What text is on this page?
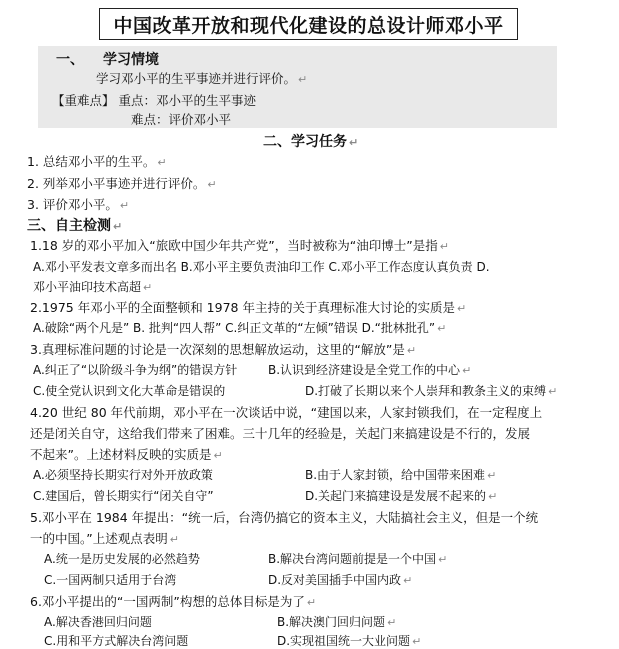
中国改革开放和现代化建设的总设计师邓小平
一、 学习情境
学习邓小平的生平事迹并进行评价。 ↵
【重难点】 重点：邓小平的生平事迹
难点：评价邓小平
二、学习任务 ↵
1. 总结邓小平的生平。 ↵
2. 列举邓小平事迹并进行评价。 ↵
3. 评价邓小平。 ↵
三、自主检测 ↵
1.18 岁的邓小平加入“旅欧中国少年共产党”，当时被称为“油印博士”是指 ↵
A.邓小平发表文章多而出名 B.邓小平主要负责油印工作 C.邓小平工作态度认真负责 D.
邓小平油印技术高超 ↵
2.1975 年邓小平的全面整顿和 1978 年主持的关于真理标准大讨论的实质是 ↵
A.破除“两个凡是” B. 批判“四人帮” C.纠正文革的“左倾”错误 D.“批林批孔” ↵
3.真理标准问题的讨论是一次深刻的思想解放运动，这里的“解放”是 ↵
A.纠正了“以阶级斗争为纲”的错误方针	B.认识到经济建设是全党工作的中心 ↵
C.使全党认识到文化大革命是错误的	D.打破了长期以来个人崇拜和教条主义的束缚 ↵
4.20 世纪 80 年代前期，邓小平在一次谈话中说，“建国以来，人家封锁我们，在一定程度上
还是闭关自守，这给我们带来了困难。三十几年的经验是，关起门来搞建设是不行的，发展
不起来”。上述材料反映的实质是 ↵
A.必须坚持长期实行对外开放政策	B.由于人家封锁，给中国带来困难 ↵
C.建国后，曾长期实行“闭关自守”	D.关起门来搞建设是发展不起来的 ↵
5.邓小平在 1984 年提出：“统一后，台湾仍搞它的资本主义，大陆搞社会主义，但是一个统
一的中国。”上述观点表明 ↵
A.统一是历史发展的必然趋势	B.解决台湾问题前提是一个中国 ↵
C.一国两制只适用于台湾	D.反对美国插手中国内政 ↵
6.邓小平提出的“一国两制”构想的总体目标是为了 ↵
A.解决香港回归问题	B.解决澳门回归问题 ↵
C.用和平方式解决台湾问题	D.实现祖国统一大业问题 ↵
